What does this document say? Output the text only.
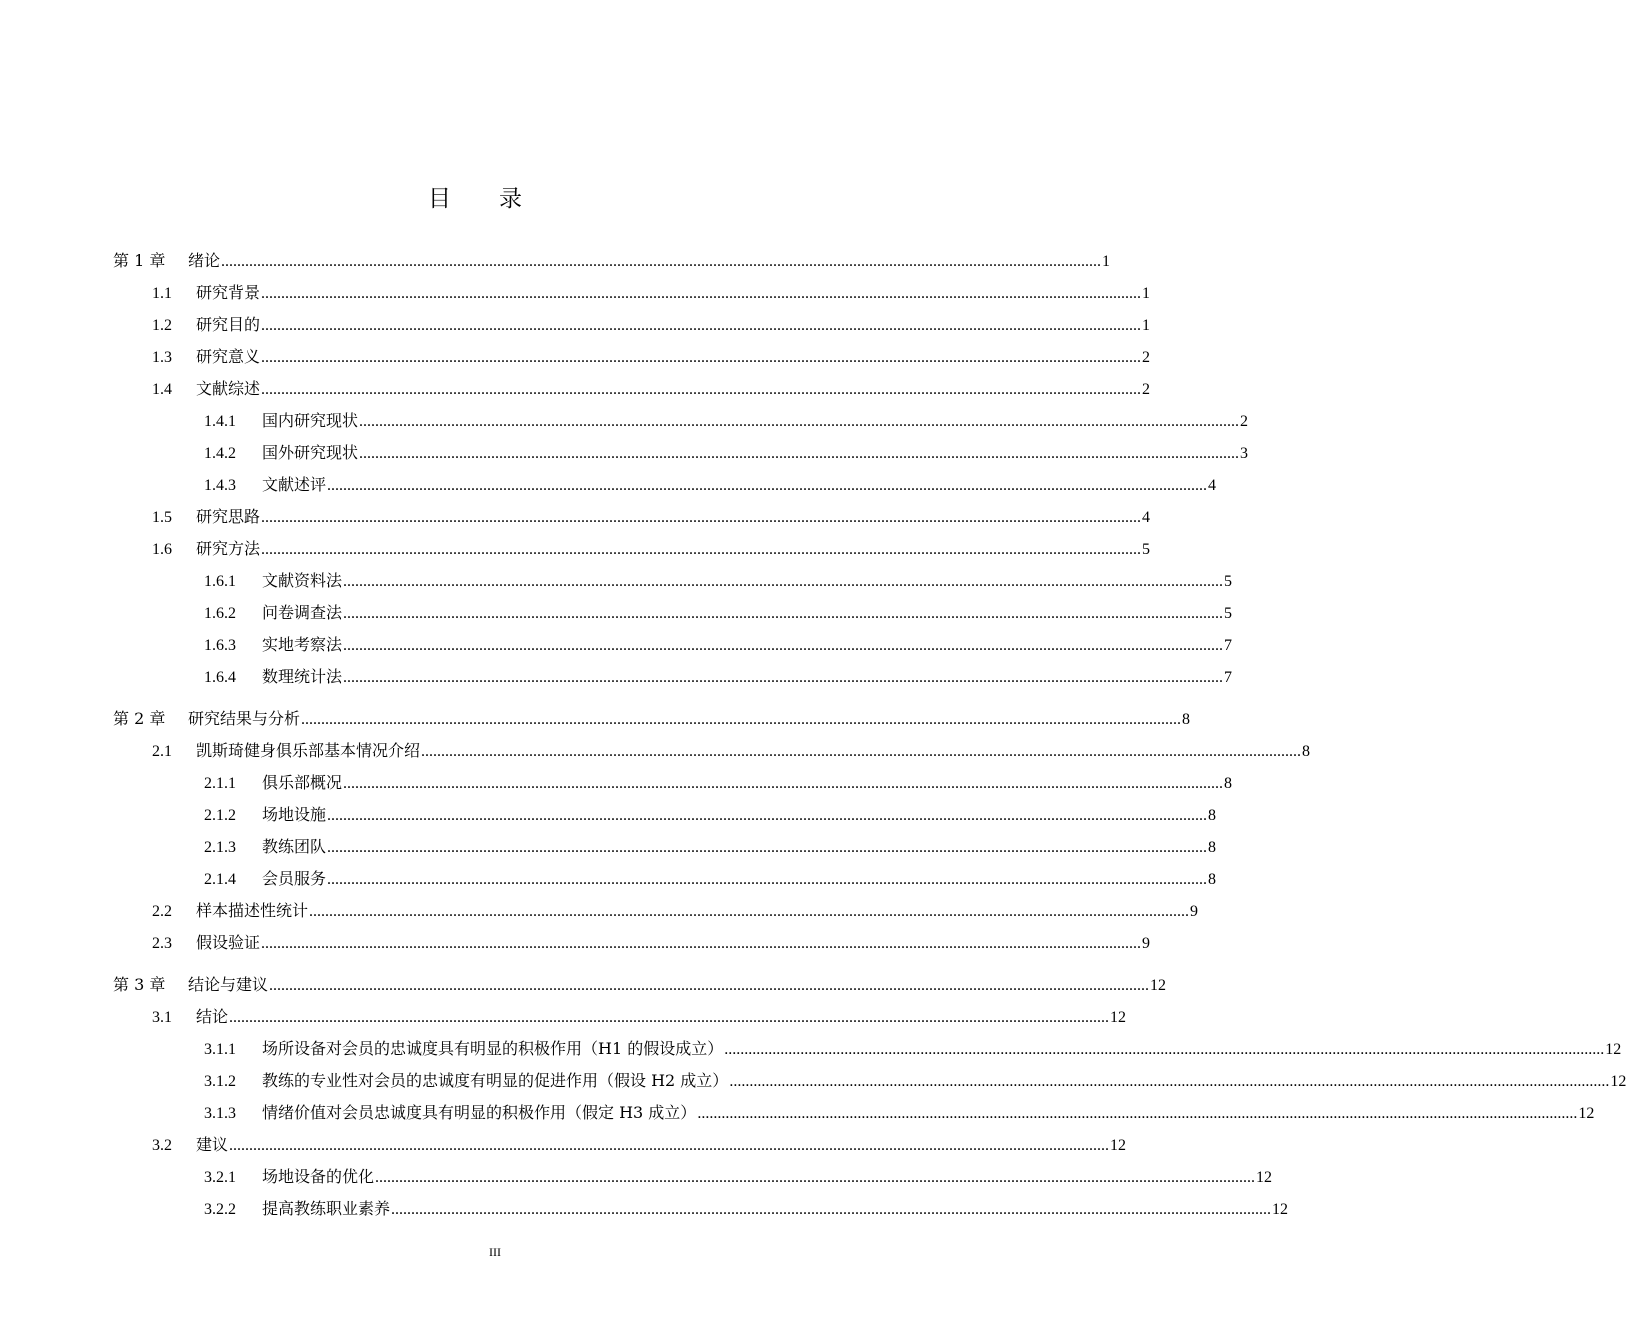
目录
第 1 章	绪论 ............................................................................................................................................................................................................................ 1
1.1	研究背景 ............................................................................................................................................................................................................................ 1
1.2	研究目的 ............................................................................................................................................................................................................................ 1
1.3	研究意义 ............................................................................................................................................................................................................................ 2
1.4	文献综述 ............................................................................................................................................................................................................................ 2
1.4.1	国内研究现状 ............................................................................................................................................................................................................................ 2
1.4.2	国外研究现状 ............................................................................................................................................................................................................................ 3
1.4.3	文献述评 ............................................................................................................................................................................................................................ 4
1.5	研究思路 ............................................................................................................................................................................................................................ 4
1.6	研究方法 ............................................................................................................................................................................................................................ 5
1.6.1	文献资料法 ............................................................................................................................................................................................................................ 5
1.6.2	问卷调查法 ............................................................................................................................................................................................................................ 5
1.6.3	实地考察法 ............................................................................................................................................................................................................................ 7
1.6.4	数理统计法 ............................................................................................................................................................................................................................ 7
第 2 章	研究结果与分析 ............................................................................................................................................................................................................................ 8
2.1	凯斯琦健身俱乐部基本情况介绍 ............................................................................................................................................................................................................................ 8
2.1.1	俱乐部概况 ............................................................................................................................................................................................................................ 8
2.1.2	场地设施 ............................................................................................................................................................................................................................ 8
2.1.3	教练团队 ............................................................................................................................................................................................................................ 8
2.1.4	会员服务 ............................................................................................................................................................................................................................ 8
2.2	样本描述性统计 ............................................................................................................................................................................................................................ 9
2.3	假设验证 ............................................................................................................................................................................................................................ 9
第 3 章	结论与建议 ............................................................................................................................................................................................................................ 12
3.1	结论 ............................................................................................................................................................................................................................ 12
3.1.1	场所设备对会员的忠诚度具有明显的积极作用（H1 的假设成立） ............................................................................................................................................................................................................................ 12
3.1.2	教练的专业性对会员的忠诚度有明显的促进作用（假设 H2 成立） ............................................................................................................................................................................................................................ 12
3.1.3	情绪价值对会员忠诚度具有明显的积极作用（假定 H3 成立） ............................................................................................................................................................................................................................ 12
3.2	建议 ............................................................................................................................................................................................................................ 12
3.2.1	场地设备的优化 ............................................................................................................................................................................................................................ 12
3.2.2	提高教练职业素养 ............................................................................................................................................................................................................................ 12
III
